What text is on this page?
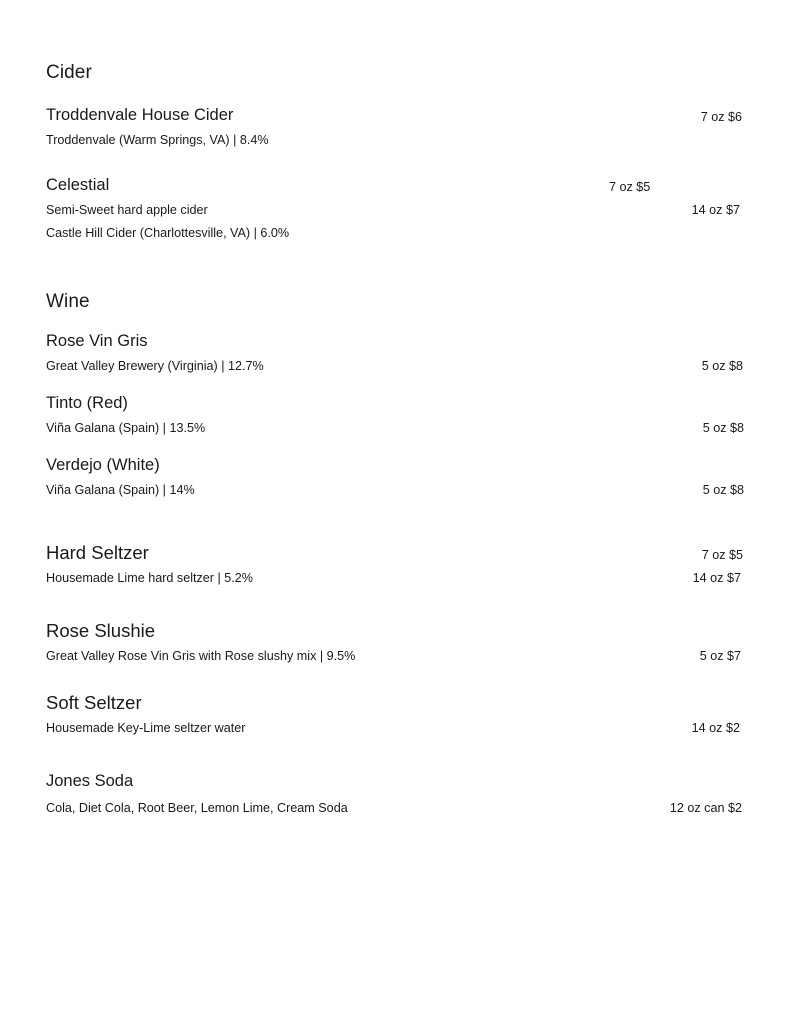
Cider
Troddenvale House Cider	7 oz $6
Troddenvale (Warm Springs, VA) | 8.4%
Celestial	7 oz $5
Semi-Sweet hard apple cider	14 oz $7
Castle Hill Cider (Charlottesville, VA) | 6.0%
Wine
Rose Vin Gris
Great Valley Brewery (Virginia) | 12.7%	5 oz $8
Tinto (Red)
Viña Galana (Spain) | 13.5%	5 oz $8
Verdejo (White)
Viña Galana (Spain) | 14%	5 oz $8
Hard Seltzer	7 oz $5
Housemade Lime hard seltzer | 5.2%	14 oz $7
Rose Slushie
Great Valley Rose Vin Gris with Rose slushy mix | 9.5%	5 oz $7
Soft Seltzer
Housemade Key-Lime seltzer water	14 oz $2
Jones Soda
Cola, Diet Cola, Root Beer, Lemon Lime, Cream Soda	12 oz can $2
